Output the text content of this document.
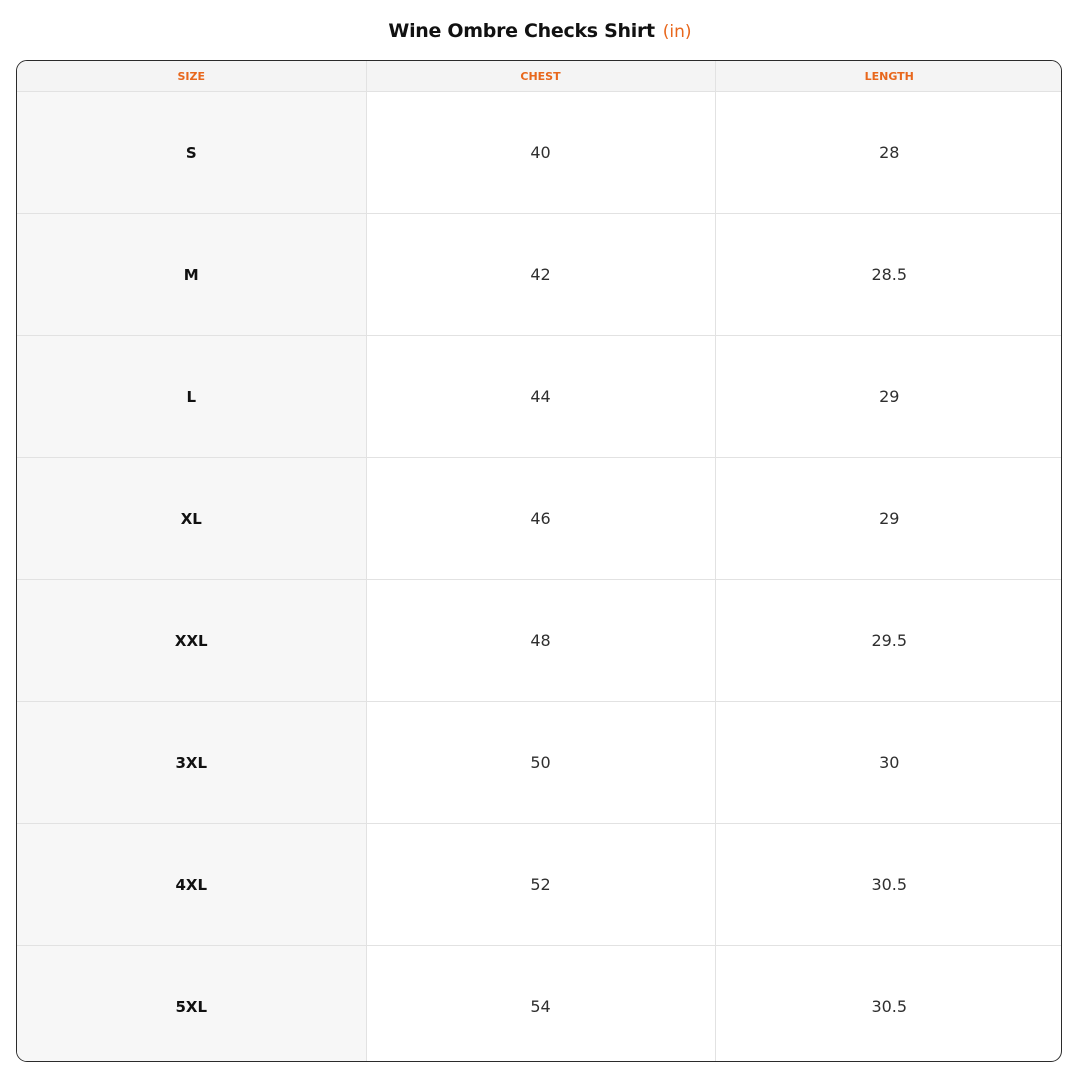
Wine Ombre Checks Shirt (in)
SIZE	CHEST	LENGTH
S	40	28
M	42	28.5
L	44	29
XL	46	29
XXL	48	29.5
3XL	50	30
4XL	52	30.5
5XL	54	30.5
